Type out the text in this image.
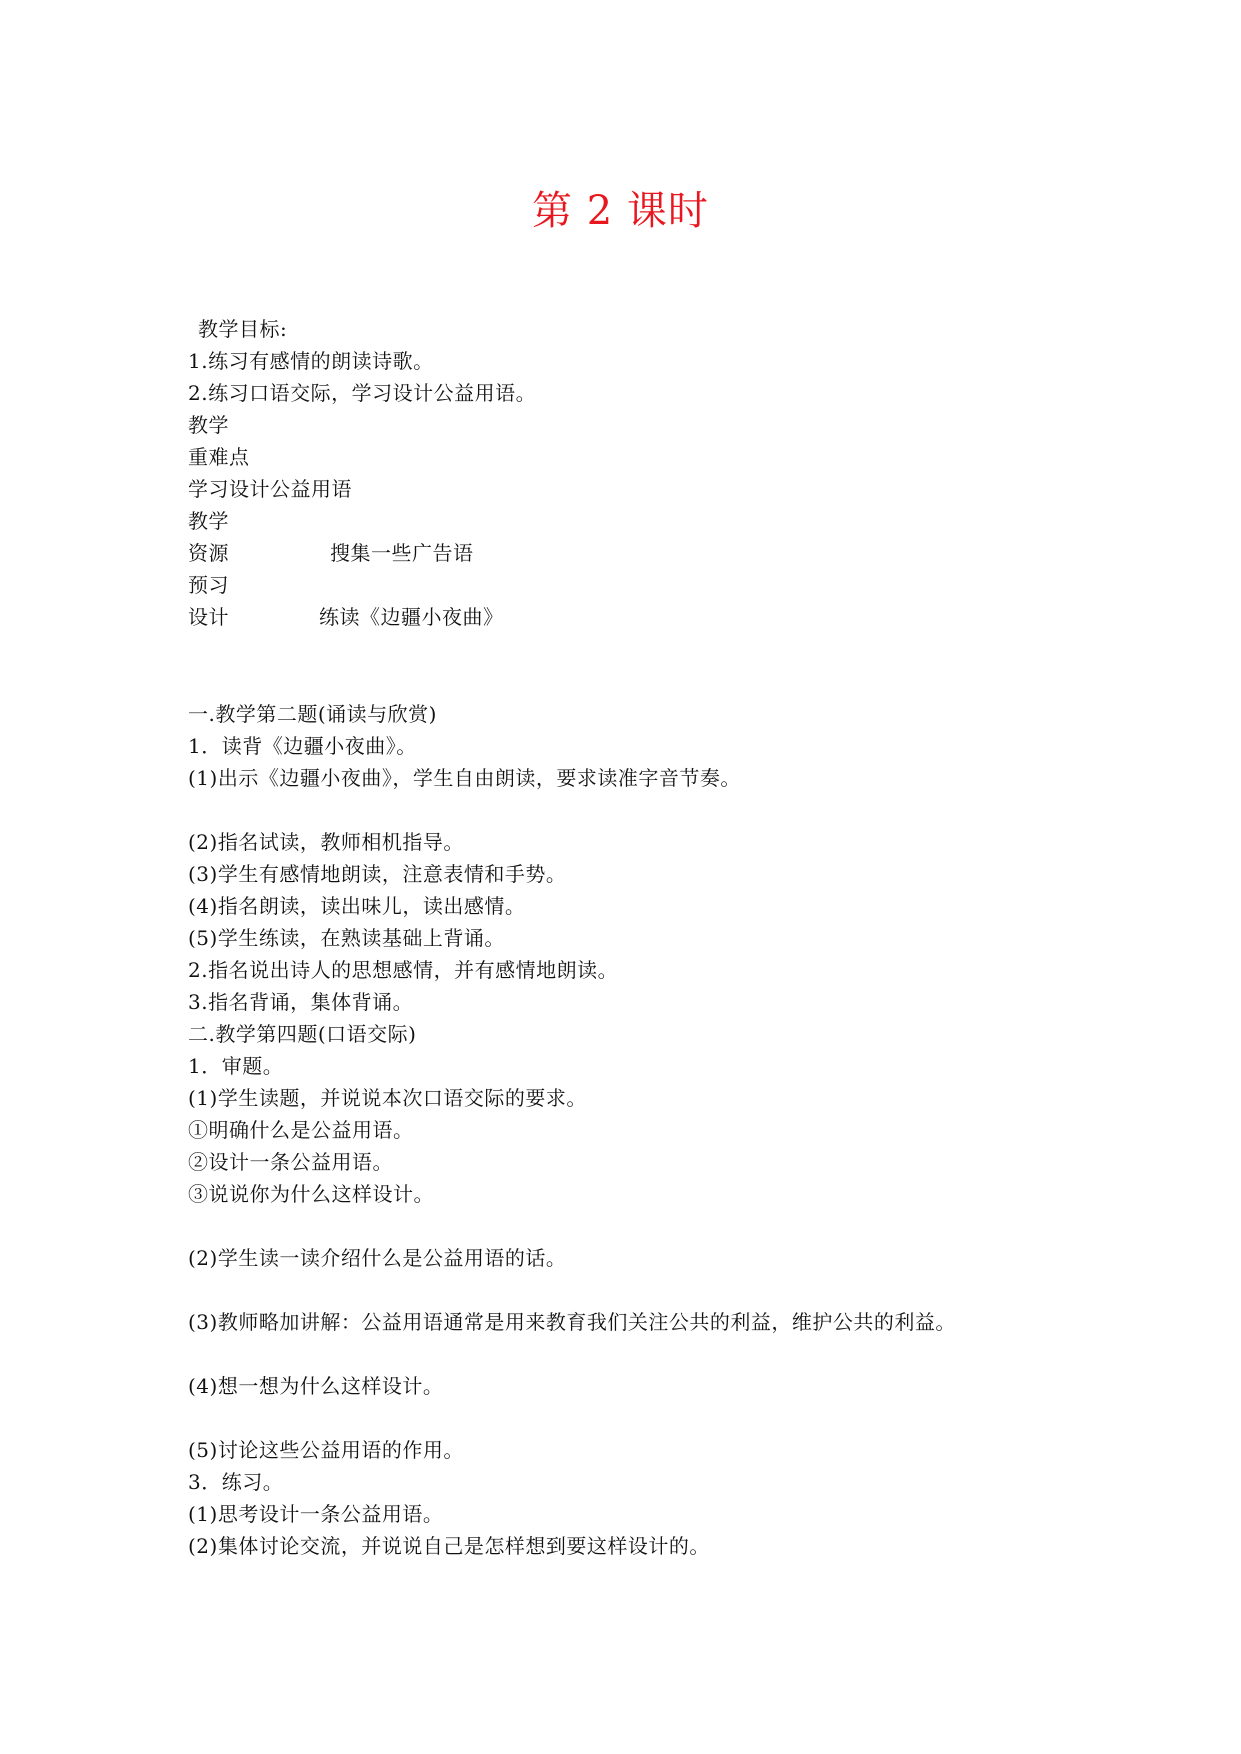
第 2 课时
教学目标:
1.练习有感情的朗读诗歌。
2.练习口语交际，学习设计公益用语。
教学
重难点
学习设计公益用语
教学
资源	搜集一些广告语
预习
设计	练读《边疆小夜曲》
一.教学第二题(诵读与欣赏)
1．读背《边疆小夜曲》。
(1)出示《边疆小夜曲》，学生自由朗读，要求读准字音节奏。
(2)指名试读，教师相机指导。
(3)学生有感情地朗读，注意表情和手势。
(4)指名朗读，读出味儿，读出感情。
(5)学生练读，在熟读基础上背诵。
2.指名说出诗人的思想感情，并有感情地朗读。
3.指名背诵，集体背诵。
二.教学第四题(口语交际)
1．审题。
(1)学生读题，并说说本次口语交际的要求。
①明确什么是公益用语。
②设计一条公益用语。
③说说你为什么这样设计。
(2)学生读一读介绍什么是公益用语的话。
(3)教师略加讲解：公益用语通常是用来教育我们关注公共的利益，维护公共的利益。
(4)想一想为什么这样设计。
(5)讨论这些公益用语的作用。
3．练习。
(1)思考设计一条公益用语。
(2)集体讨论交流，并说说自己是怎样想到要这样设计的。
